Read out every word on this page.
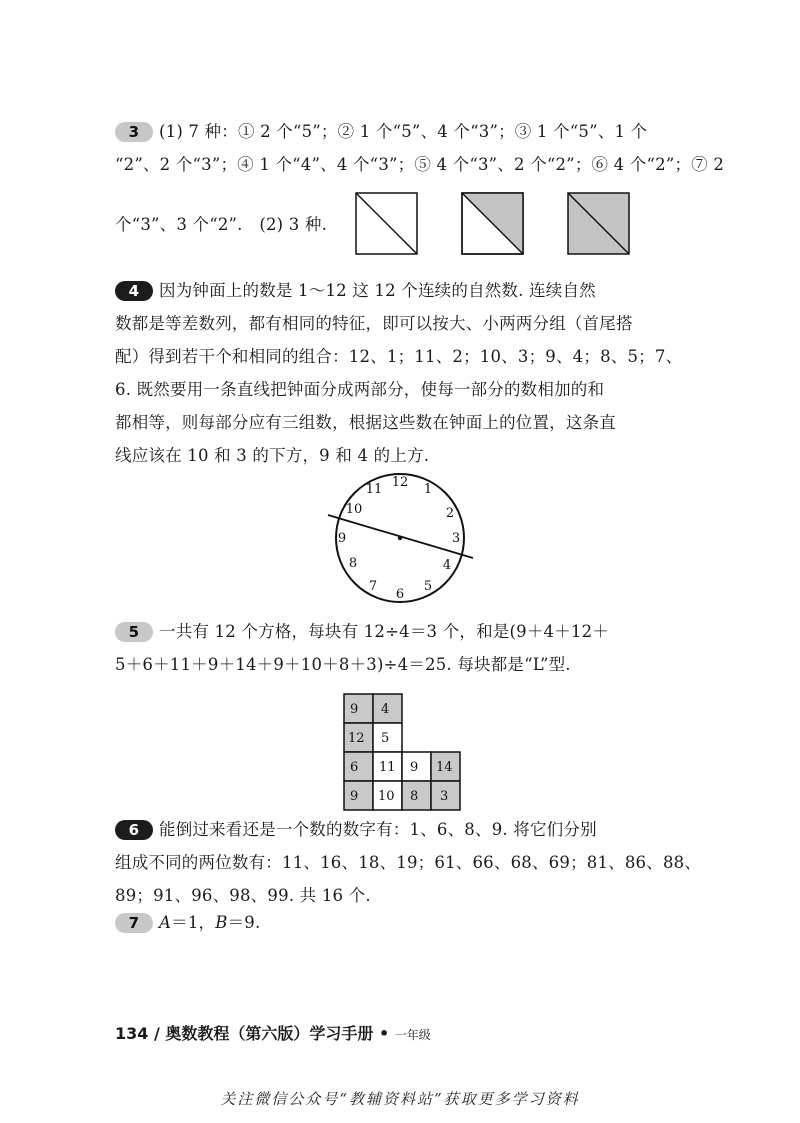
3 (1) 7 种：① 2 个“5”；② 1 个“5”、4 个“3”；③ 1 个“5”、1 个
“2”、2 个“3”；④ 1 个“4”、4 个“3”；⑤ 4 个“3”、2 个“2”；⑥ 4 个“2”；⑦ 2
个“3”、3 个“2”.　(2) 3 种.
4 因为钟面上的数是 1～12 这 12 个连续的自然数. 连续自然
数都是等差数列，都有相同的特征，即可以按大、小两两分组（首尾搭
配）得到若干个和相同的组合：12、1；11、2；10、3；9、4；8、5；7、
6. 既然要用一条直线把钟面分成两部分，使每一部分的数相加的和
都相等，则每部分应有三组数，根据这些数在钟面上的位置，这条直
线应该在 10 和 3 的下方，9 和 4 的上方.
12 1
2
3
4
5
6
7
8
9
10
11
5 一共有 12 个方格，每块有 12÷4＝3 个，和是(9＋4＋12＋
5＋6＋11＋9＋14＋9＋10＋8＋3)÷4＝25. 每块都是“L”型.
9 4
12 5
6 11 9 14
9 10 8 3
6 能倒过来看还是一个数的数字有：1、6、8、9. 将它们分别
组成不同的两位数有：11、16、18、19；61、66、68、69；81、86、88、
89；91、96、98、99. 共 16 个.
7 A＝1，B＝9.
134 / 奥数教程（第六版）学习手册 • 一年级
关注微信公众号“教辅资料站”获取更多学习资料
